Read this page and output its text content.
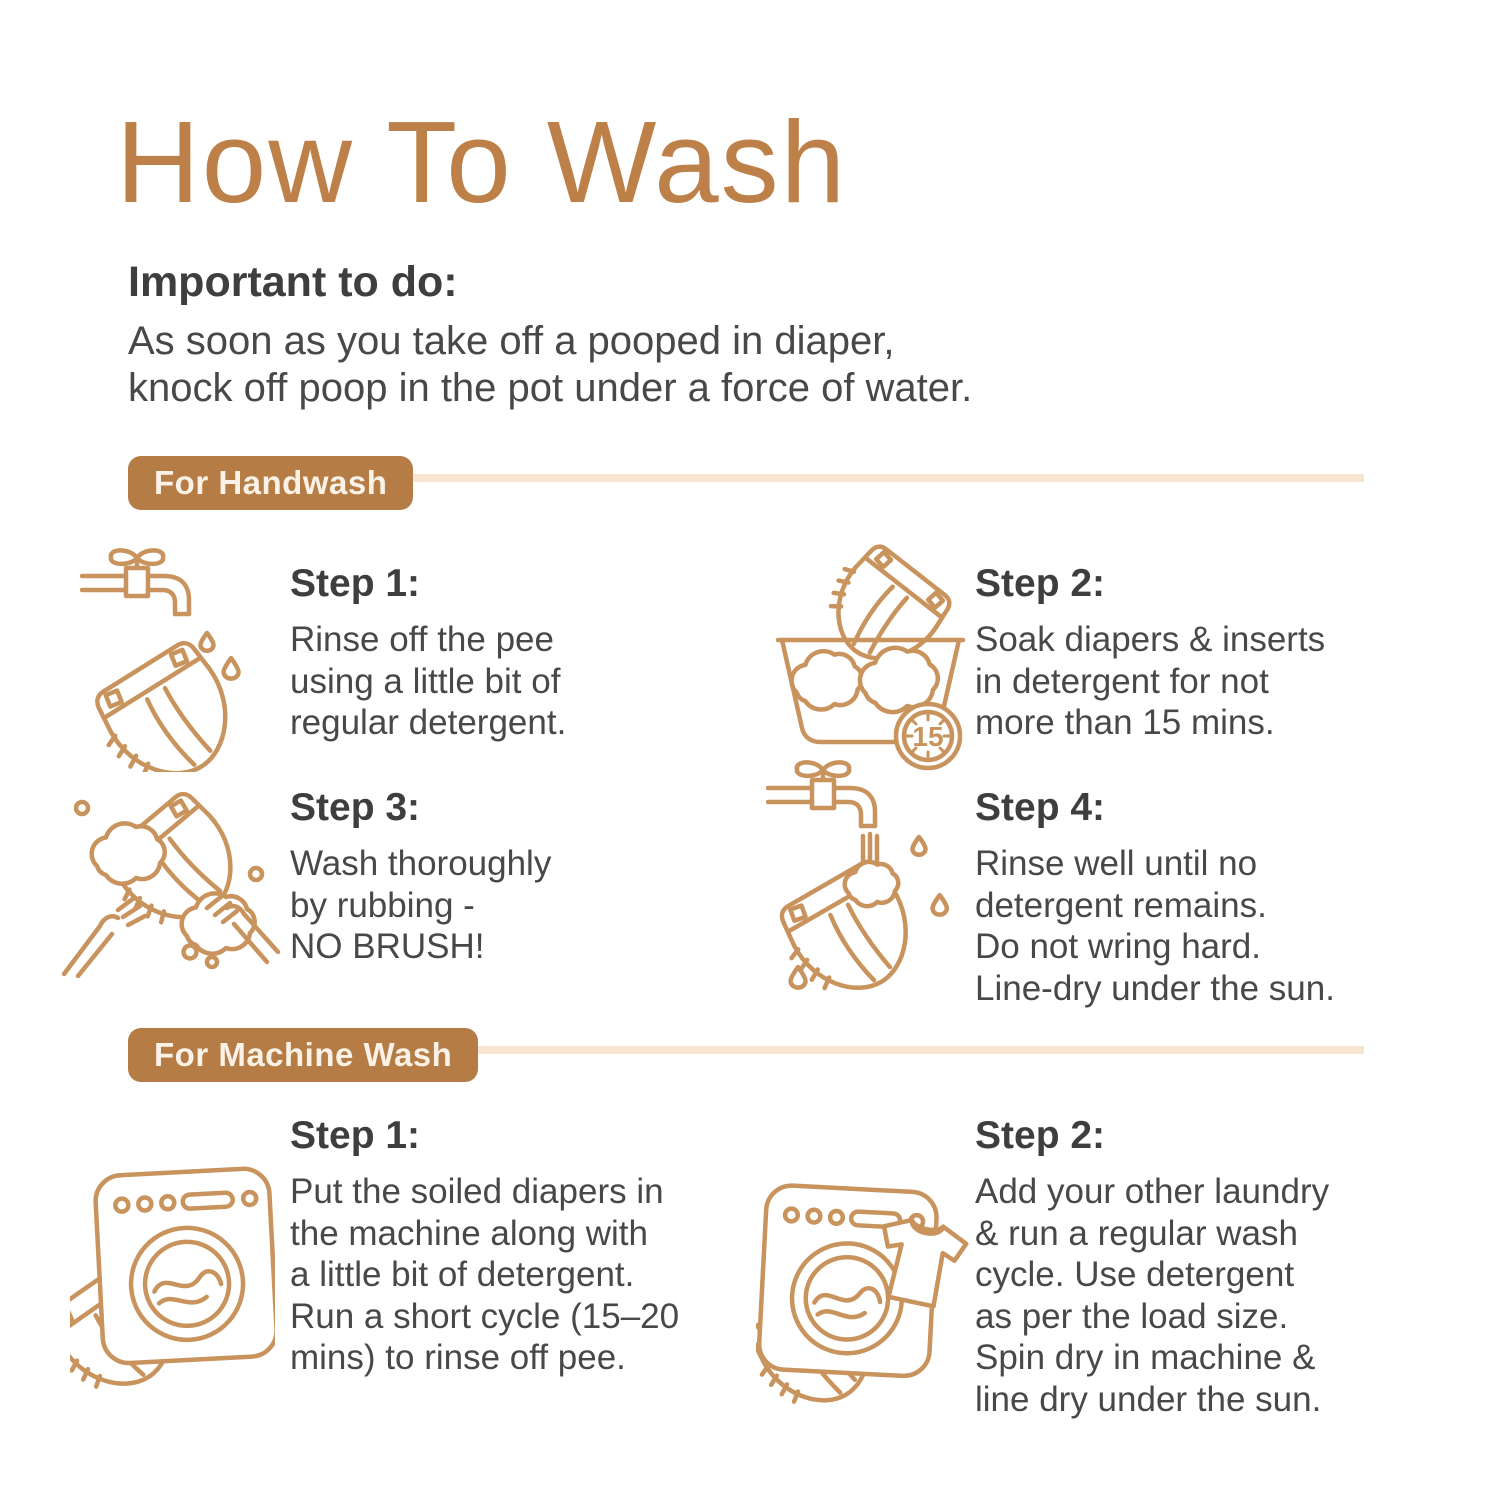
How To Wash
Important to do:
As soon as you take off a pooped in diaper,
knock off poop in the pot under a force of water.
For Handwash
Step 1:
Rinse off the pee
using a little bit of
regular detergent.	15
Step 2:
Soak diapers & inserts
in detergent for not
more than 15 mins.
Step 3:
Wash thoroughly
by rubbing -
NO BRUSH!
Step 4:
Rinse well until no
detergent remains.
Do not wring hard.
Line-dry under the sun.
For Machine Wash
Step 1:
Put the soiled diapers in
the machine along with
a little bit of detergent.
Run a short cycle (15–20
mins) to rinse off pee.
Step 2:
Add your other laundry
& run a regular wash
cycle. Use detergent
as per the load size.
Spin dry in machine &
line dry under the sun.
